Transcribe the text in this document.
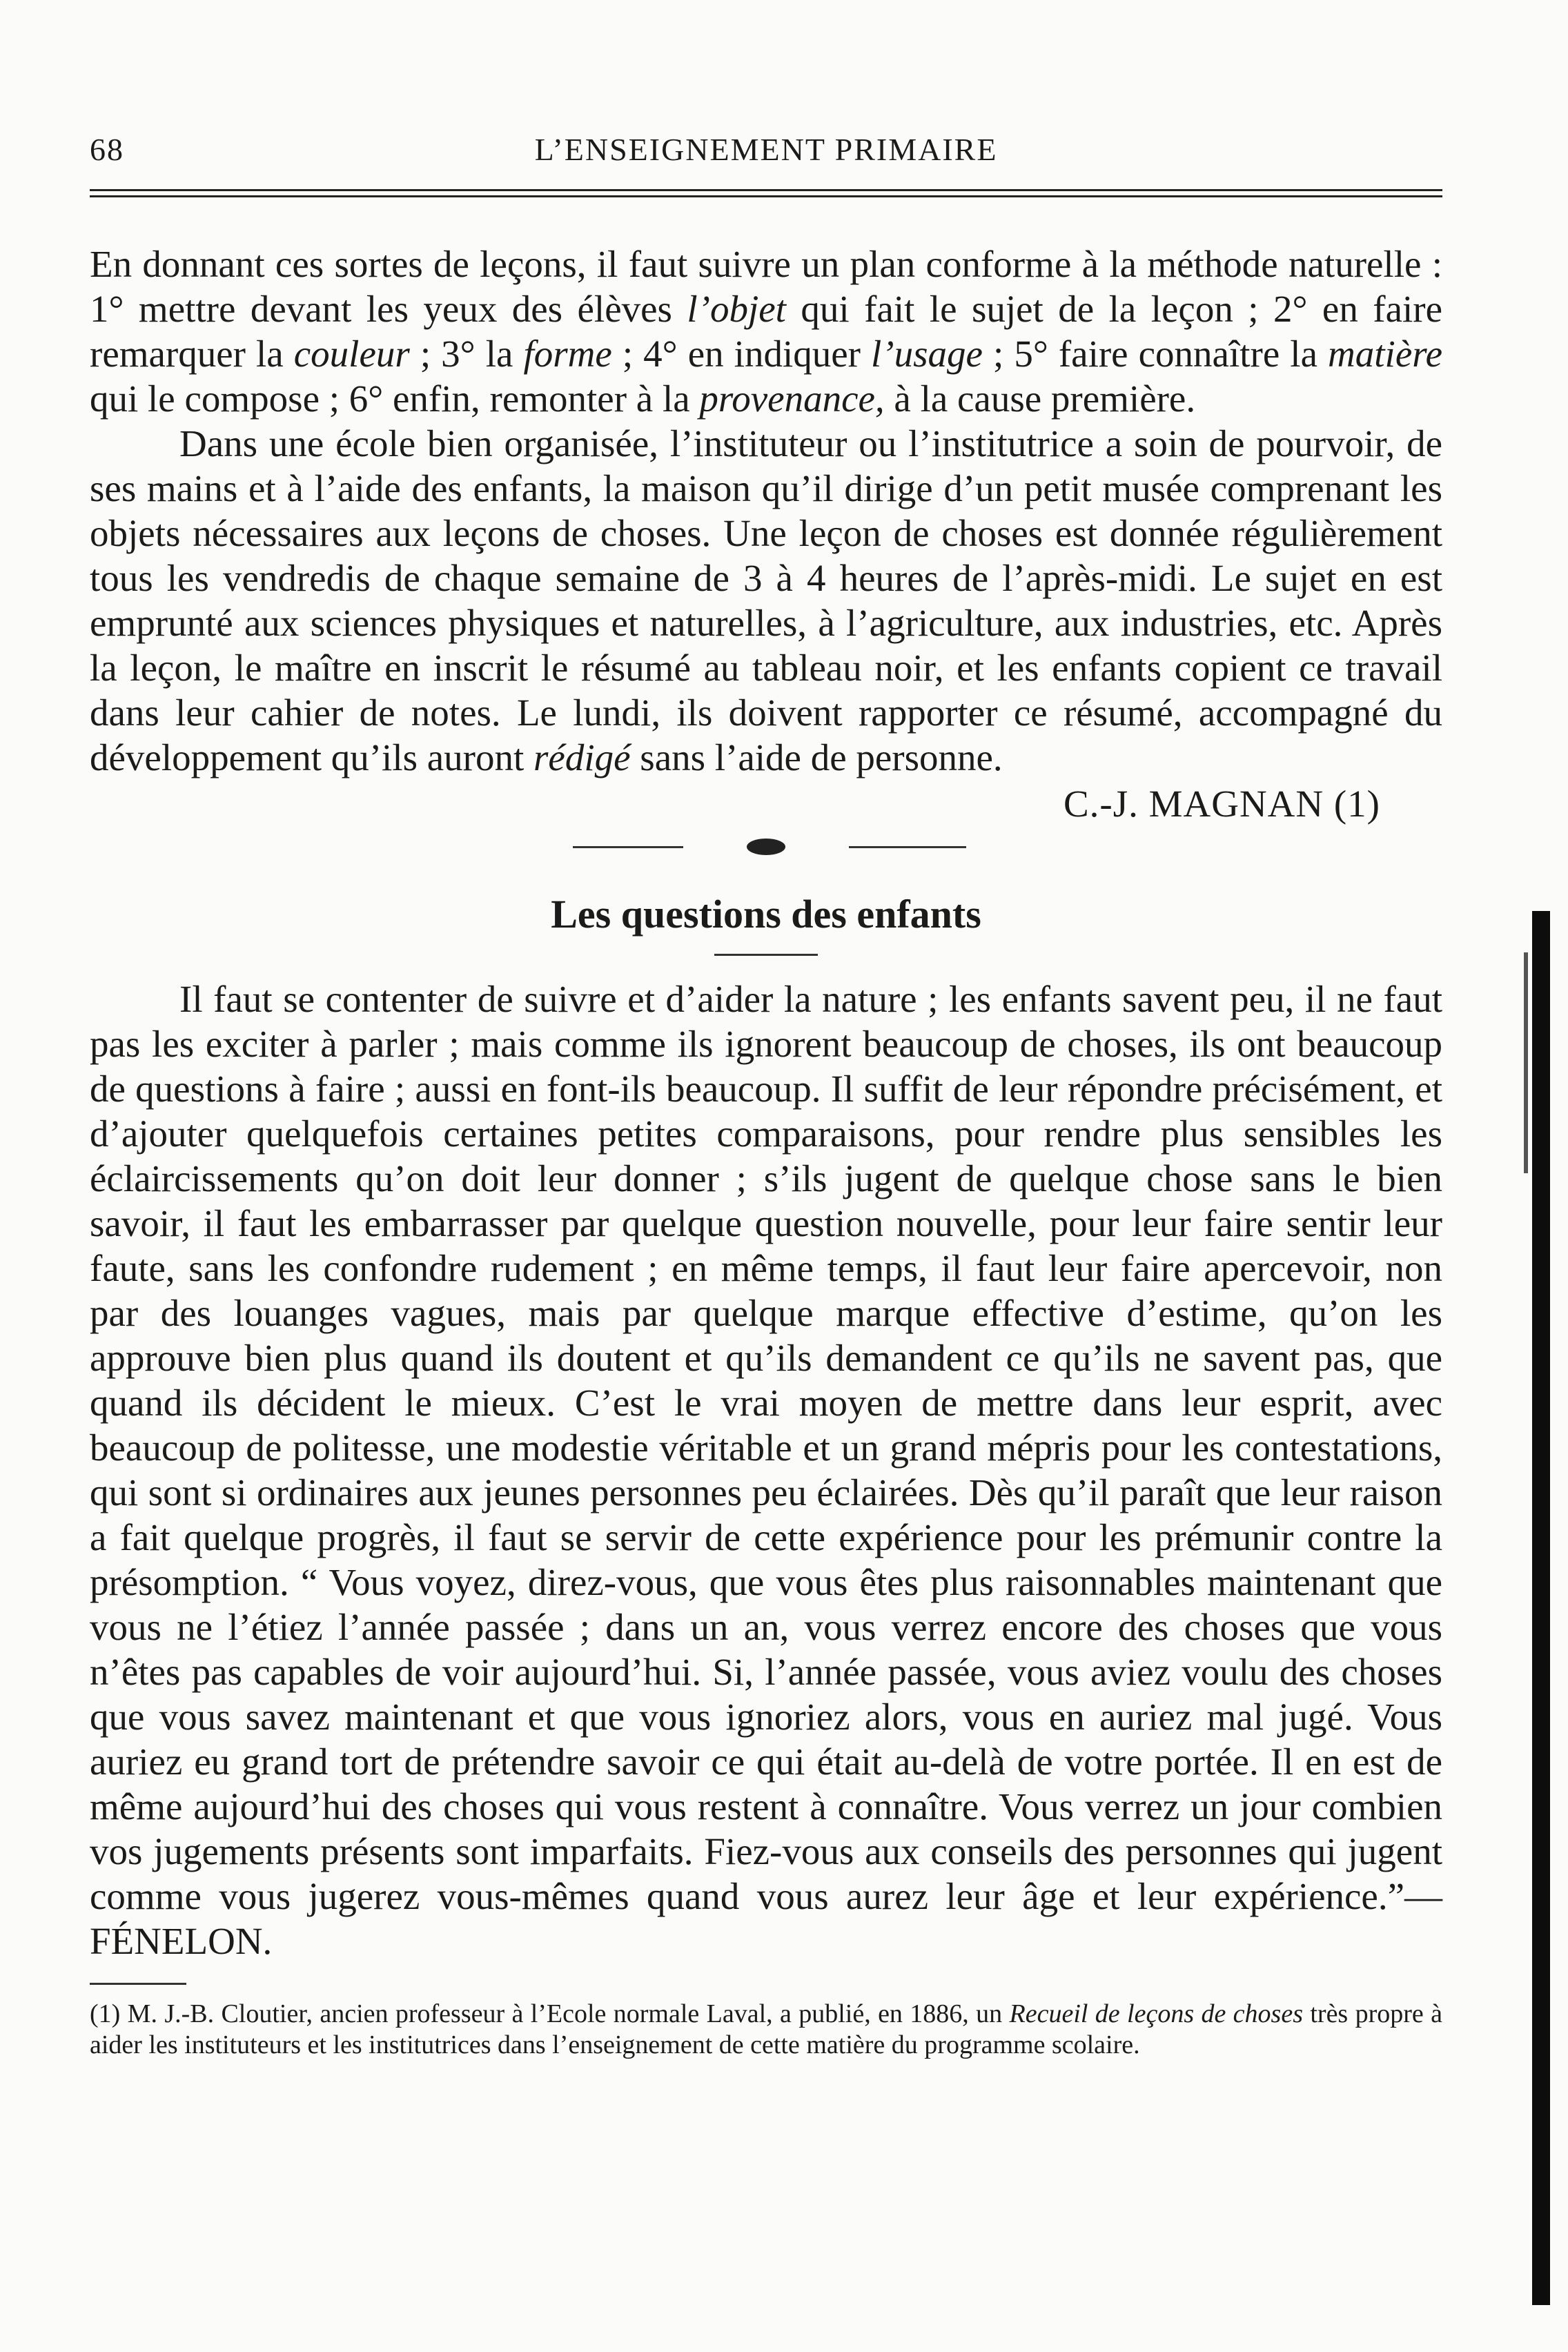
68	L’ENSEIGNEMENT PRIMAIRE

En donnant ces sortes de leçons, il faut suivre un plan conforme à la méthode naturelle : 1° mettre devant les yeux des élèves l’objet qui fait le sujet de la leçon ; 2° en faire remarquer la couleur ; 3° la forme ; 4° en indiquer l’usage ; 5° faire connaître la matière qui le compose ; 6° enfin, remonter à la provenance, à la cause première.

Dans une école bien organisée, l’instituteur ou l’institutrice a soin de pourvoir, de ses mains et à l’aide des enfants, la maison qu’il dirige d’un petit musée comprenant les objets nécessaires aux leçons de choses. Une leçon de choses est donnée régulièrement tous les vendredis de chaque semaine de 3 à 4 heures de l’après-midi. Le sujet en est emprunté aux sciences physiques et naturelles, à l’agriculture, aux industries, etc. Après la leçon, le maître en inscrit le résumé au tableau noir, et les enfants copient ce travail dans leur cahier de notes. Le lundi, ils doivent rapporter ce résumé, accompagné du développement qu’ils auront rédigé sans l’aide de personne.

C.-J. MAGNAN (1)
Les questions des enfants

Il faut se contenter de suivre et d’aider la nature ; les enfants savent peu, il ne faut pas les exciter à parler ; mais comme ils ignorent beaucoup de choses, ils ont beaucoup de questions à faire ; aussi en font-ils beaucoup. Il suffit de leur répondre précisément, et d’ajouter quelquefois certaines petites comparaisons, pour rendre plus sensibles les éclaircissements qu’on doit leur donner ; s’ils jugent de quelque chose sans le bien savoir, il faut les embarrasser par quelque question nouvelle, pour leur faire sentir leur faute, sans les confondre rudement ; en même temps, il faut leur faire apercevoir, non par des louanges vagues, mais par quelque marque effective d’estime, qu’on les approuve bien plus quand ils doutent et qu’ils demandent ce qu’ils ne savent pas, que quand ils décident le mieux. C’est le vrai moyen de mettre dans leur esprit, avec beaucoup de politesse, une modestie véritable et un grand mépris pour les contestations, qui sont si ordinaires aux jeunes personnes peu éclairées. Dès qu’il paraît que leur raison a fait quelque progrès, il faut se servir de cette expérience pour les prémunir contre la présomption. “ Vous voyez, direz-vous, que vous êtes plus raisonnables maintenant que vous ne l’étiez l’année passée ; dans un an, vous verrez encore des choses que vous n’êtes pas capables de voir aujourd’hui. Si, l’année passée, vous aviez voulu des choses que vous savez maintenant et que vous ignoriez alors, vous en auriez mal jugé. Vous auriez eu grand tort de prétendre savoir ce qui était au-delà de votre portée. Il en est de même aujourd’hui des choses qui vous restent à connaître. Vous verrez un jour combien vos jugements présents sont imparfaits. Fiez-vous aux conseils des personnes qui jugent comme vous jugerez vous-mêmes quand vous aurez leur âge et leur expérience.”—FÉNELON.

(1) M. J.-B. Cloutier, ancien professeur à l’Ecole normale Laval, a publié, en 1886, un Recueil de leçons de choses très propre à aider les instituteurs et les institutrices dans l’enseignement de cette matière du programme scolaire.
